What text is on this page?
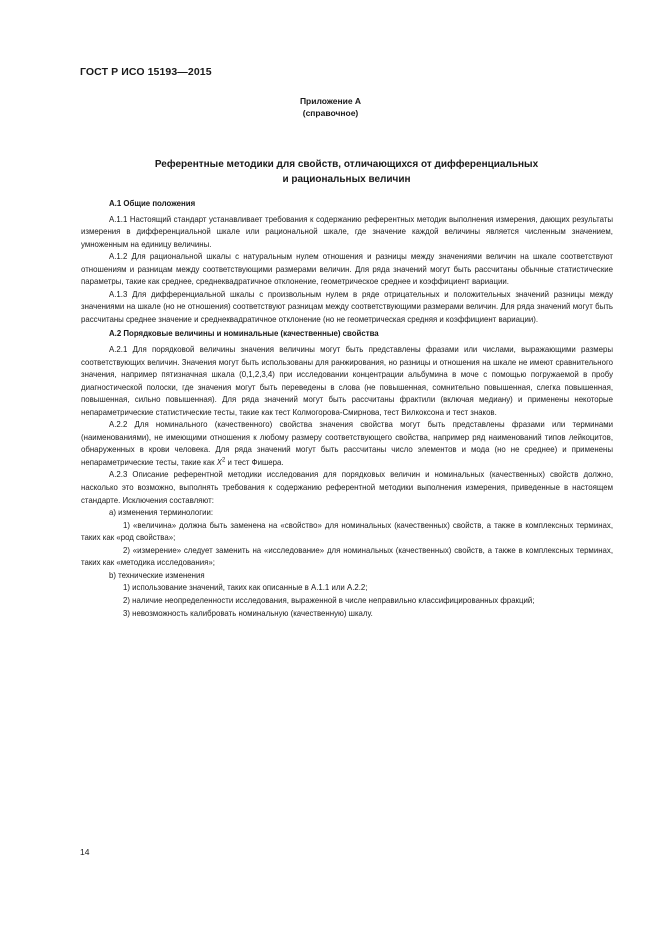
ГОСТ Р ИСО 15193—2015
Приложение А
(справочное)
Референтные методики для свойств, отличающихся от дифференциальных
и рациональных величин

А.1 Общие положения

А.1.1 Настоящий стандарт устанавливает требования к содержанию референтных методик выполнения измерения, дающих результаты измерения в дифференциальной шкале или рациональной шкале, где значение каждой величины является численным значением, умноженным на единицу величины.

А.1.2 Для рациональной шкалы с натуральным нулем отношения и разницы между значениями величин на шкале соответствуют отношениям и разницам между соответствующими размерами величин. Для ряда значений могут быть рассчитаны обычные статистические параметры, такие как среднее, среднеквадратичное отклонение, геометрическое среднее и коэффициент вариации.

А.1.3 Для дифференциальной шкалы с произвольным нулем в ряде отрицательных и положительных значений разницы между значениями на шкале (но не отношения) соответствуют разницам между соответствующими размерами величин. Для ряда значений могут быть рассчитаны среднее значение и среднеквадратичное отклонение (но не геометрическая средняя и коэффициент вариации).

А.2 Порядковые величины и номинальные (качественные) свойства

А.2.1 Для порядковой величины значения величины могут быть представлены фразами или числами, выражающими размеры соответствующих величин. Значения могут быть использованы для ранжирования, но разницы и отношения на шкале не имеют сравнительного значения, например пятизначная шкала (0,1,2,3,4) при исследовании концентрации альбумина в моче с помощью погружаемой в пробу диагностической полоски, где значения могут быть переведены в слова (не повышенная, сомнительно повышенная, слегка повышенная, повышенная, сильно повышенная). Для ряда значений могут быть рассчитаны фрактили (включая медиану) и применены некоторые непараметрические статистические тесты, такие как тест Колмогорова-Смирнова, тест Вилкоксона и тест знаков.

А.2.2 Для номинального (качественного) свойства значения свойства могут быть представлены фразами или терминами (наименованиями), не имеющими отношения к любому размеру соответствующего свойства, например ряд наименований типов лейкоцитов, обнаруженных в крови человека. Для ряда значений могут быть рассчитаны число элементов и мода (но не среднее) и применены непараметрические тесты, такие как $Х^2$ и тест Фишера.

А.2.3 Описание референтной методики исследования для порядковых величин и номинальных (качественных) свойств должно, насколько это возможно, выполнять требования к содержанию референтной методики выполнения измерения, приведенные в настоящем стандарте. Исключения составляют:

а) изменения терминологии:

1) «величина» должна быть заменена на «свойство» для номинальных (качественных) свойств, а также в комплексных терминах, таких как «род свойства»;

2) «измерение» следует заменить на «исследование» для номинальных (качественных) свойств, а также в комплексных терминах, таких как «методика исследования»;

b) технические изменения

1) использование значений, таких как описанные в А.1.1 или А.2.2;

2) наличие неопределенности исследования, выраженной в числе неправильно классифицированных фракций;

3) невозможность калибровать номинальную (качественную) шкалу.

14
